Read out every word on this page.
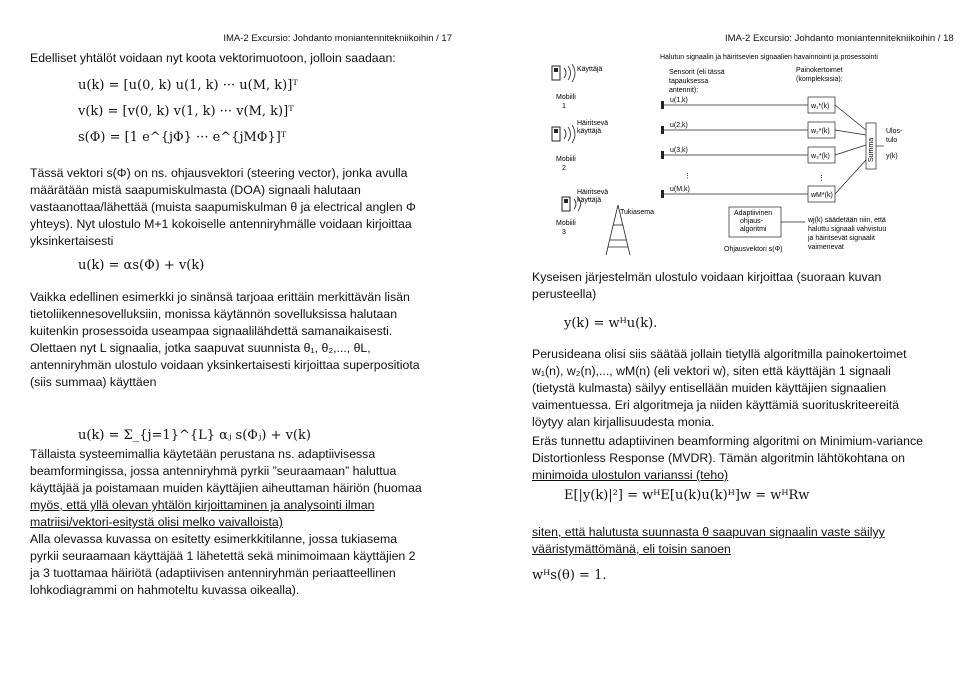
IMA-2 Excursio: Johdanto moniantennitekniikoihin / 17
Edelliset yhtälöt voidaan nyt koota vektorimuotoon, jolloin saadaan:
u(k) = [u(0, k) u(1, k) ··· u(M, k)]ᵀ
v(k) = [v(0, k) v(1, k) ··· v(M, k)]ᵀ
s(Φ) = [1 e^{jΦ} ··· e^{jMΦ}]ᵀ
Tässä vektori s(Φ) on ns. ohjausvektori (steering vector), jonka avulla
määrätään mistä saapumiskulmasta (DOA) signaali halutaan
vastaanottaa/lähettää (muista saapumiskulman θ ja electrical anglen Φ
yhteys). Nyt ulostulo M+1 kokoiselle antenniryhmälle voidaan kirjoittaa
yksinkertaisesti
u(k) = αs(Φ) + v(k)
Vaikka edellinen esimerkki jo sinänsä tarjoaa erittäin merkittävän lisän
tietoliikennesovelluksiin, monissa käytännön sovelluksissa halutaan
kuitenkin prosessoida useampaa signaalilähdettä samanaikaisesti.
Olettaen nyt L signaalia, jotka saapuvat suunnista θ₁, θ₂,..., θL,
antenniryhmän ulostulo voidaan yksinkertaisesti kirjoittaa superpositiota
(siis summaa) käyttäen
u(k) = Σ_{j=1}^{L} αⱼ s(Φⱼ) + v(k)
Tällaista systeemimallia käytetään perustana ns. adaptiivisessa
beamformingissa, jossa antenniryhmä pyrkii ”seuraamaan” haluttua
käyttäjää ja poistamaan muiden käyttäjien aiheuttaman häiriön (huomaa
myös, että yllä olevan yhtälön kirjoittaminen ja analysointi ilman
matriisi/vektori-esitystä olisi melko vaivalloista)
Alla olevassa kuvassa on esitetty esimerkkitilanne, jossa tukiasema
pyrkii seuraamaan käyttäjää 1 lähetettä sekä minimoimaan käyttäjien 2
ja 3 tuottamaa häiriötä (adaptiivisen antenniryhmän periaatteellinen
lohkodiagrammi on hahmoteltu kuvassa oikealla).
IMA-2 Excursio: Johdanto moniantennitekniikoihin / 18
Halutun signaalin ja häiritsevien signaalien havainnointi ja prosessointi
Mobiili
1
Käyttäjä
Mobiili
2
Häiritsevä
käyttäjä
Mobiili
3
Häiritsevä
käyttäjä
Tukiasema
Sensorit (eli tässä
tapauksessa
antennit):
Painokertoimet
(kompleksisia):
u(1,k)
u(2,k)
u(3,k)
u(M,k)
⋮	⋮
w₁*(k)
w₂*(k)
w₃*(k)
wM*(k)
Summa
Ulos-
tulo
y(k)
Adaptiivinen
ohjaus-
algoritmi
Ohjausvektori s(Φ)
wj(k) säädetään niin, että
haluttu signaali vahvistuu
ja häiritsevät signaalit
vaimenevat
Kyseisen järjestelmän ulostulo voidaan kirjoittaa (suoraan kuvan
perusteella)
y(k) = wᴴu(k).
Perusideana olisi siis säätää jollain tietyllä algoritmilla painokertoimet
w₁(n), w₂(n),..., wM(n) (eli vektori w), siten että käyttäjän 1 signaali
(tietystä kulmasta) säilyy entisellään muiden käyttäjien signaalien
vaimentuessa. Eri algoritmeja ja niiden käyttämiä suorituskriteereitä
löytyy alan kirjallisuudesta monia.
Eräs tunnettu adaptiivinen beamforming algoritmi on Minimium-variance
Distortionless Response (MVDR). Tämän algoritmin lähtökohtana on
minimoida ulostulon varianssi (teho)
E[|y(k)|²] = wᴴE[u(k)u(k)ᴴ]w = wᴴRw
siten, että halutusta suunnasta θ saapuvan signaalin vaste säilyy
vääristymättömänä, eli toisin sanoen
wᴴs(θ) = 1.
